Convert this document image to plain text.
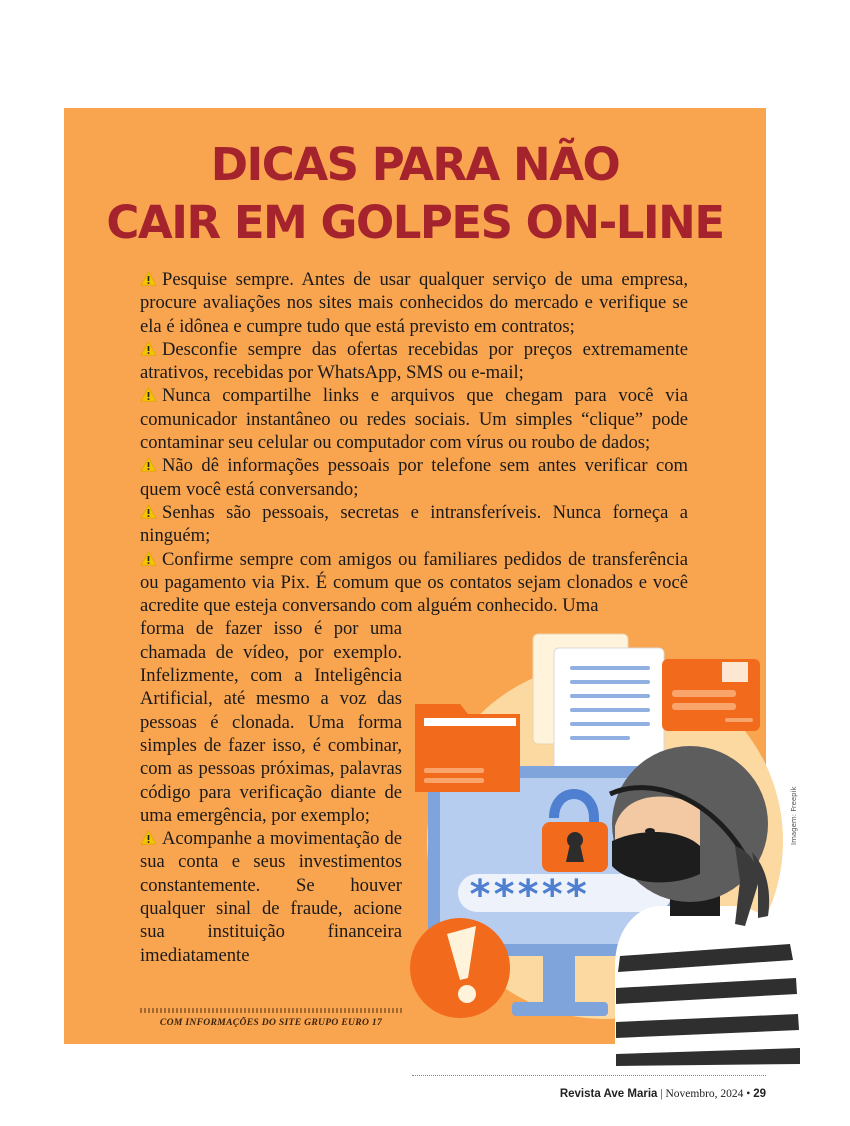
DICAS PARA NÃO
CAIR EM GOLPES ON-LINE

Pesquise sempre. Antes de usar qualquer serviço de uma empresa, procure avaliações nos sites mais conhecidos do mercado e verifique se ela é idônea e cumpre tudo que está previsto em contratos;

Desconfie sempre das ofertas recebidas por preços extremamente atrativos, recebidas por WhatsApp, SMS ou e-mail;

Nunca compartilhe links e arquivos que chegam para você via comunicador instantâneo ou redes sociais. Um simples “clique” pode contaminar seu celular ou computador com vírus ou roubo de dados;

Não dê informações pessoais por telefone sem antes verificar com quem você está conversando;

Senhas são pessoais, secretas e intransferíveis. Nunca forneça a ninguém;

Confirme sempre com amigos ou familiares pedidos de transferência ou pagamento via Pix. É comum que os contatos sejam clonados e você acredite que esteja conversando com alguém conhecido. Uma

forma de fazer isso é por uma chamada de vídeo, por exemplo. Infelizmente, com a Inteligência Artificial, até mesmo a voz das pessoas é clonada. Uma forma simples de fazer isso, é combinar, com as pessoas próximas, palavras código para verificação diante de uma emergência, por exemplo;

Acompanhe a movimentação de sua conta e seus investimentos constantemente. Se houver qualquer sinal de fraude, acione sua instituição financeira imediatamente

COM INFORMAÇÕES DO SITE GRUPO EURO 17
*****
Imagem: Freepik
Revista Ave Maria | Novembro, 2024 • 29
